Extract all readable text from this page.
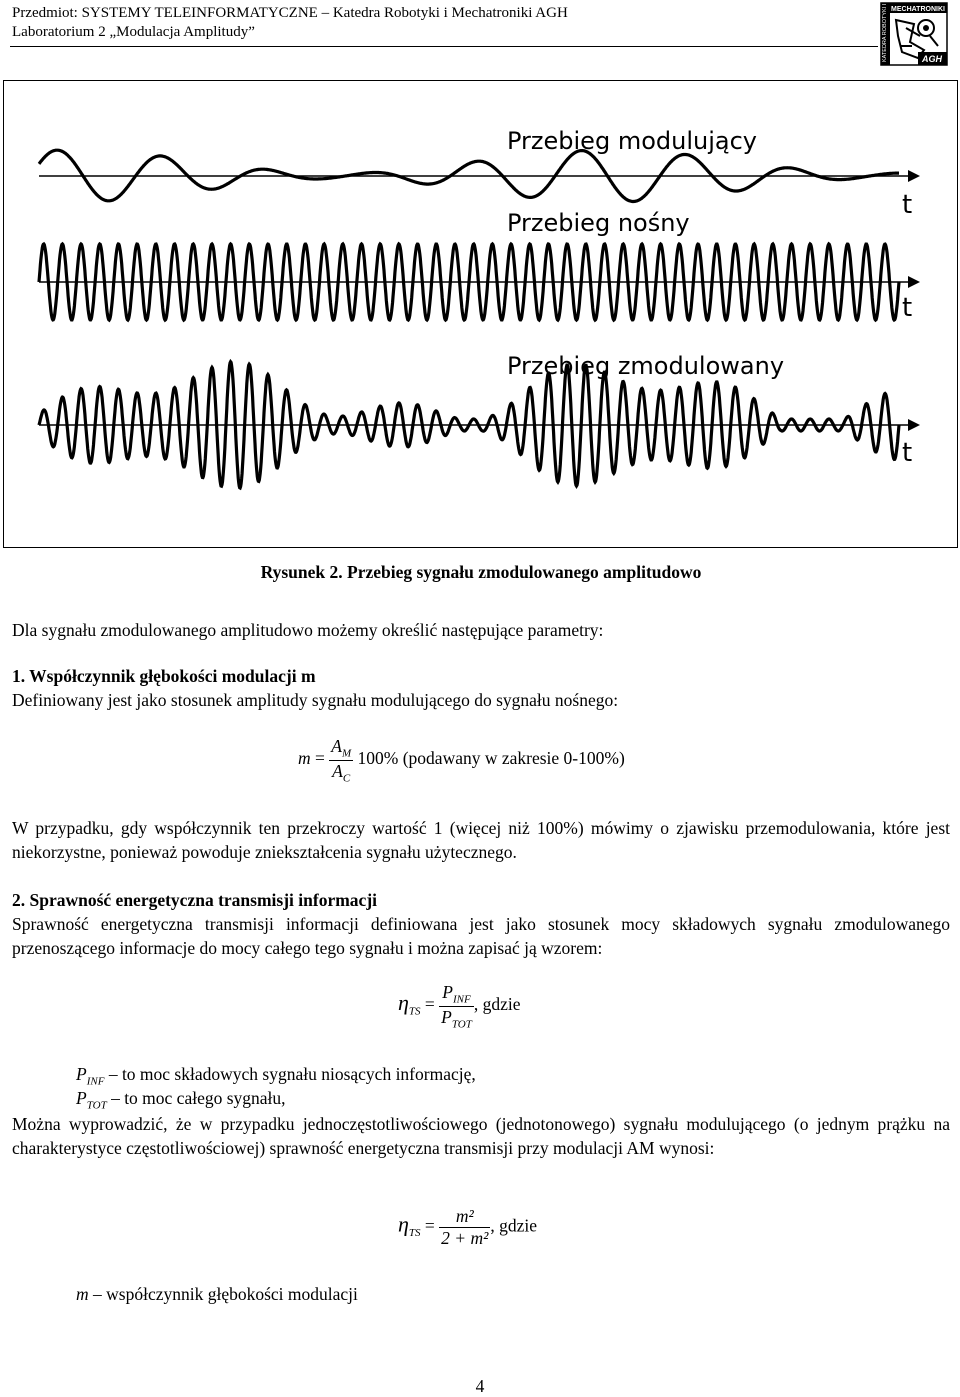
Przedmiot: SYSTEMY TELEINFORMATYCZNE – Katedra Robotyki i Mechatroniki AGH
Laboratorium 2 „Modulacja Amplitudy”
MECHATRONIKI
KATEDRA ROBOTYKI I	AGH
Przebieg modulujący
Przebieg nośny
Przebieg zmodulowany
t
t
t
Rysunek 2. Przebieg sygnału zmodulowanego amplitudowo
Dla sygnału zmodulowanego amplitudowo możemy określić następujące parametry:
1. Współczynnik głębokości modulacji m
Definiowany jest jako stosunek amplitudy sygnału modulującego do sygnału nośnego:
$m = \frac{A_M}{A_C} 100\%$ (podawany w zakresie 0-100%)
W przypadku, gdy współczynnik ten przekroczy wartość 1 (więcej niż 100%) mówimy o zjawisku przemodulowania, które jest niekorzystne, ponieważ powoduje zniekształcenia sygnału użytecznego.
2. Sprawność energetyczna transmisji informacji
Sprawność energetyczna transmisji informacji definiowana jest jako stosunek mocy składowych sygnału zmodulowanego przenoszącego informacje do mocy całego tego sygnału i można zapisać ją wzorem:
$\eta_{TS} = \frac{P_{INF}}{P_{TOT}}$ , gdzie
$P_{INF}$ – to moc składowych sygnału niosących informację,
$P_{TOT}$ – to moc całego sygnału,
Można wyprowadzić, że w przypadku jednoczęstotliwościowego (jednotonowego) sygnału modulującego (o jednym prążku na charakterystyce częstotliwościowej) sprawność energetyczna transmisji przy modulacji AM wynosi:
$\eta_{TS} = \frac{\text{m²}}{\text{2 + m²}}$ , gdzie
m – współczynnik głębokości modulacji
4
